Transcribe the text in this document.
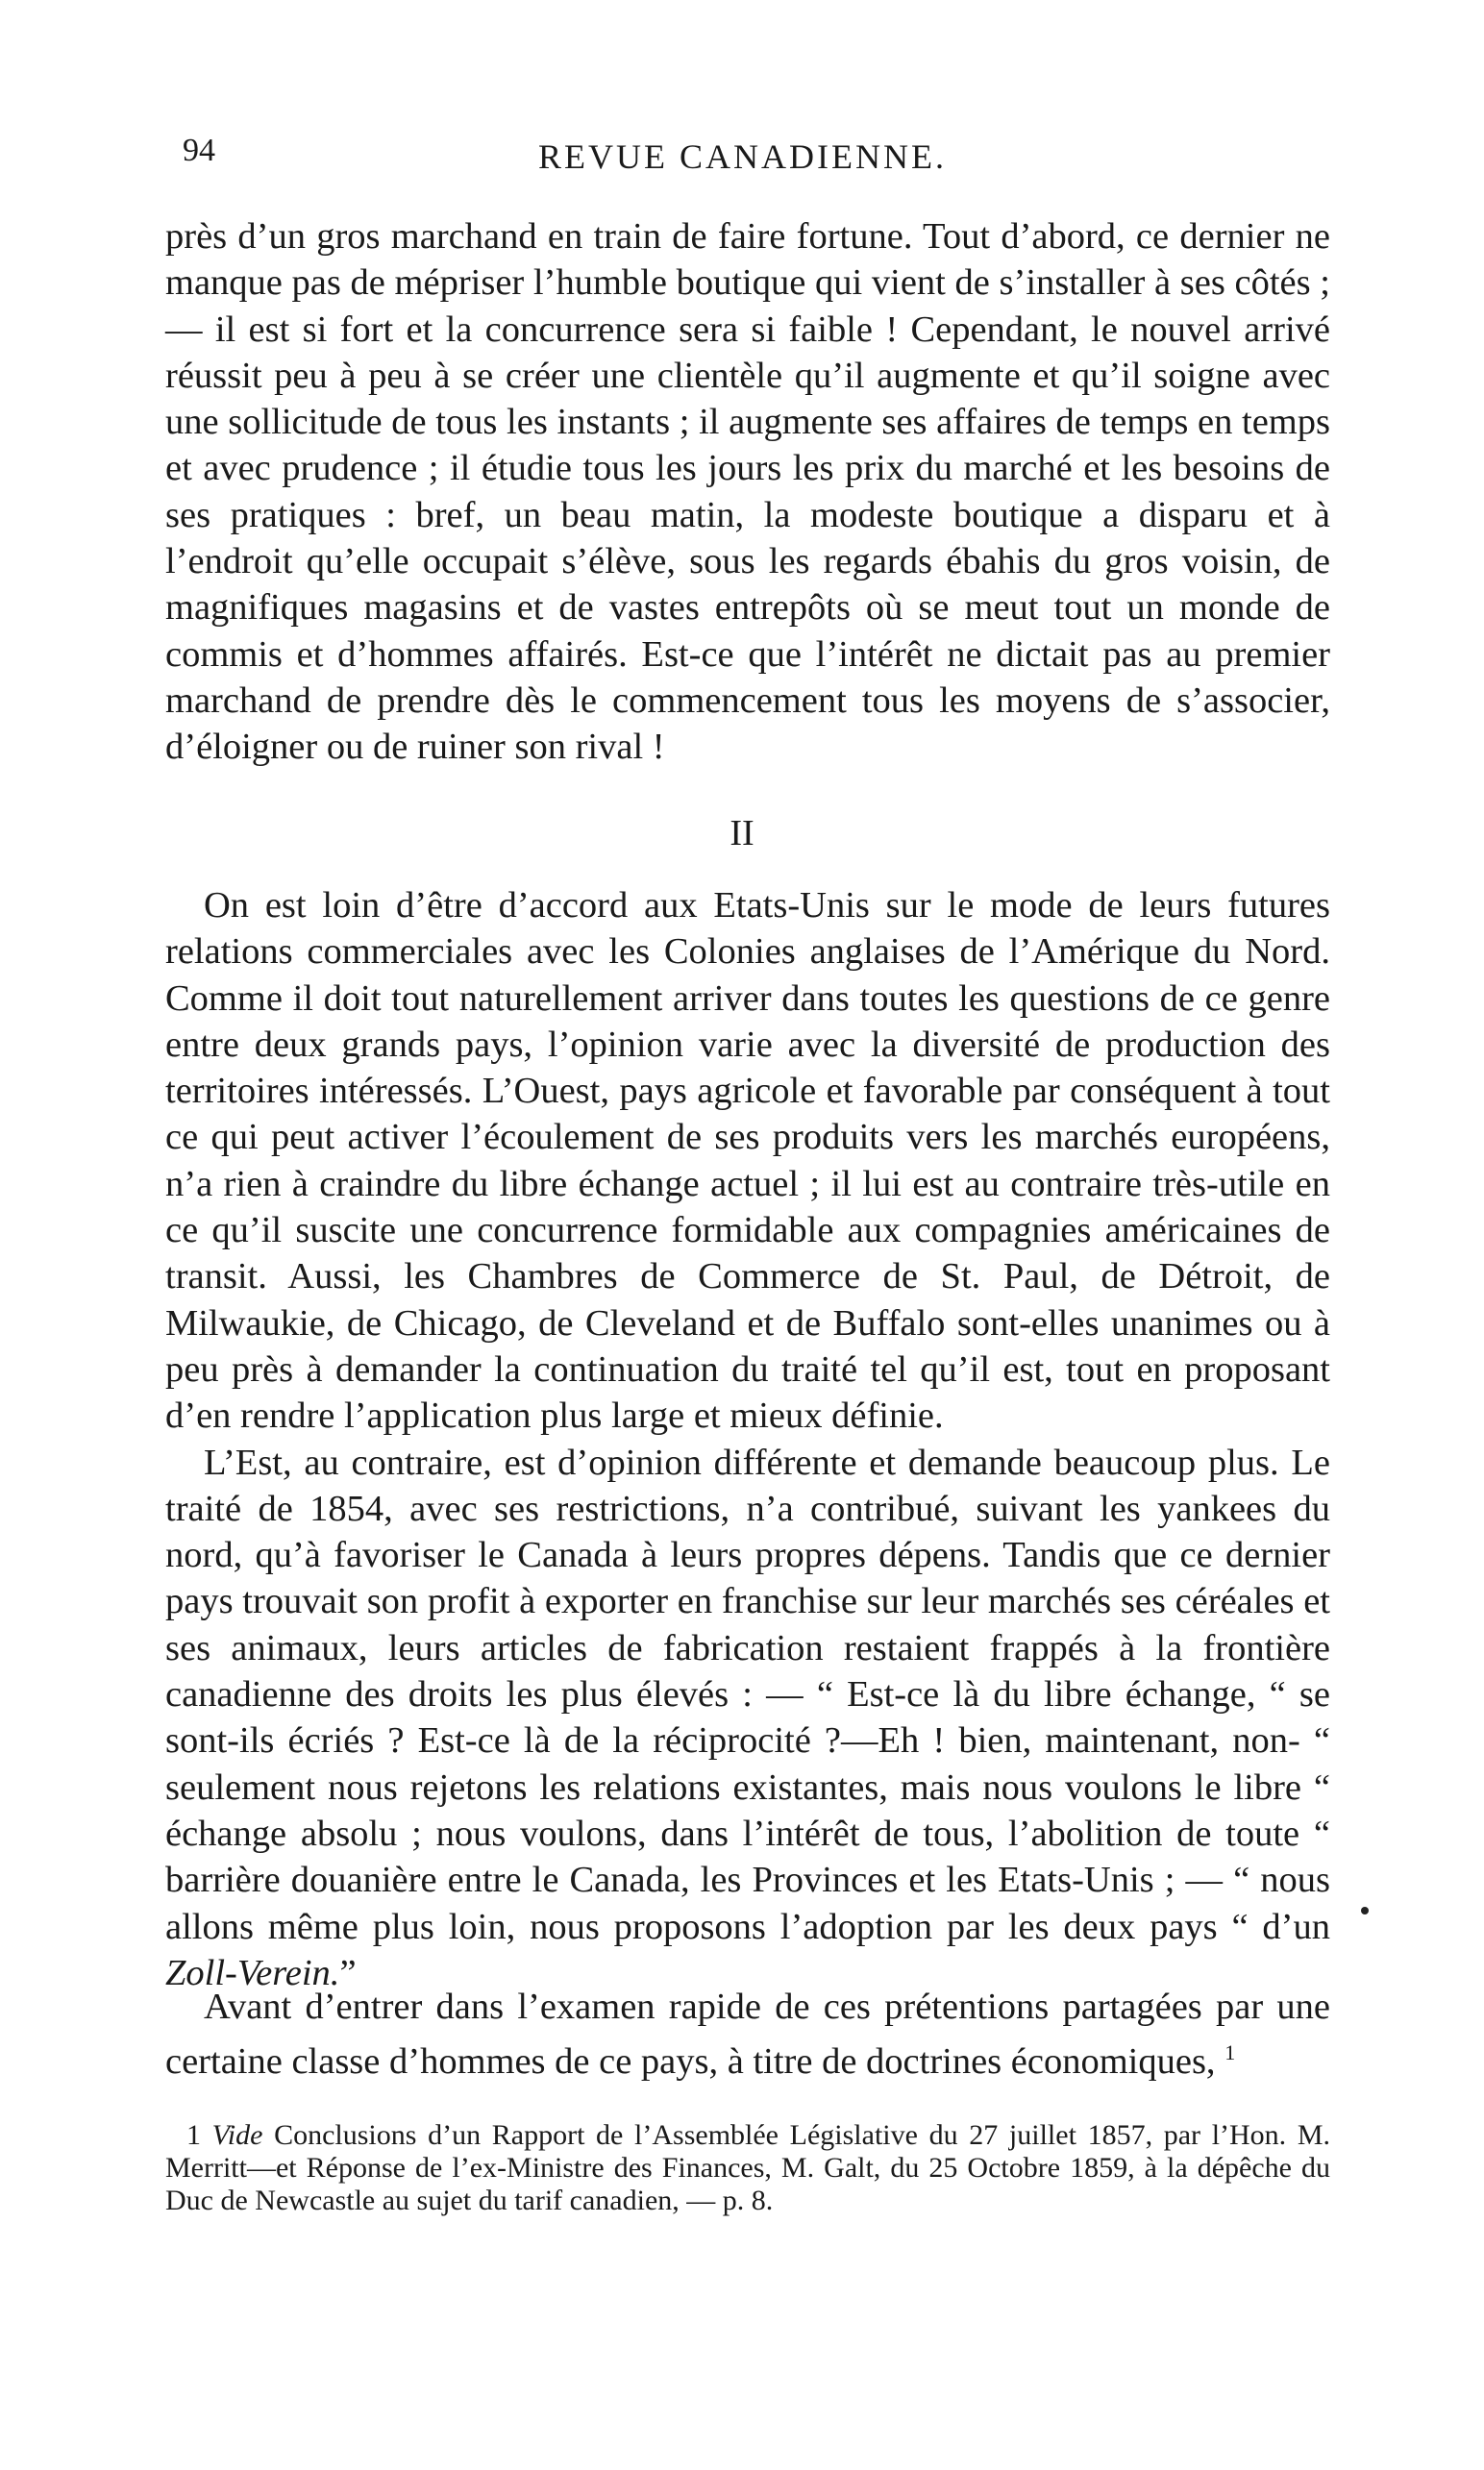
94	REVUE CANADIENNE.

près d’un gros marchand en train de faire fortune. Tout d’abord, ce dernier ne manque pas de mépriser l’humble boutique qui vient de s’installer à ses côtés ;— il est si fort et la concurrence sera si faible ! Cependant, le nouvel arrivé réussit peu à peu à se créer une clientèle qu’il augmente et qu’il soigne avec une sollicitude de tous les instants ; il augmente ses affaires de temps en temps et avec prudence ; il étudie tous les jours les prix du marché et les besoins de ses pratiques : bref, un beau matin, la modeste boutique a disparu et à l’endroit qu’elle occupait s’élève, sous les regards ébahis du gros voisin, de magnifiques magasins et de vastes entrepôts où se meut tout un monde de commis et d’hommes affairés. Est-ce que l’intérêt ne dictait pas au premier marchand de prendre dès le commencement tous les moyens de s’associer, d’éloigner ou de ruiner son rival !

II

On est loin d’être d’accord aux Etats-Unis sur le mode de leurs futures relations commerciales avec les Colonies anglaises de l’Amérique du Nord. Comme il doit tout naturellement arriver dans toutes les questions de ce genre entre deux grands pays, l’opinion varie avec la diversité de production des territoires intéressés. L’Ouest, pays agricole et favorable par conséquent à tout ce qui peut activer l’écoulement de ses produits vers les marchés européens, n’a rien à craindre du libre échange actuel ; il lui est au contraire très-utile en ce qu’il suscite une concurrence formidable aux compagnies américaines de transit. Aussi, les Chambres de Commerce de St. Paul, de Détroit, de Milwaukie, de Chicago, de Cleveland et de Buffalo sont-elles unanimes ou à peu près à demander la continuation du traité tel qu’il est, tout en proposant d’en rendre l’application plus large et mieux définie.

L’Est, au contraire, est d’opinion différente et demande beaucoup plus. Le traité de 1854, avec ses restrictions, n’a contribué, suivant les yankees du nord, qu’à favoriser le Canada à leurs propres dépens. Tandis que ce dernier pays trouvait son profit à exporter en franchise sur leur marchés ses céréales et ses animaux, leurs articles de fabrication restaient frappés à la frontière canadienne des droits les plus élevés : — “ Est-ce là du libre échange, “ se sont-ils écriés ? Est-ce là de la réciprocité ?—Eh ! bien, maintenant, non- “ seulement nous rejetons les relations existantes, mais nous voulons le libre “ échange absolu ; nous voulons, dans l’intérêt de tous, l’abolition de toute “ barrière douanière entre le Canada, les Provinces et les Etats-Unis ; — “ nous allons même plus loin, nous proposons l’adoption par les deux pays “ d’un Zoll-Verein.”

Avant d’entrer dans l’examen rapide de ces prétentions partagées par une certaine classe d’hommes de ce pays, à titre de doctrines économiques, $^1$

1 Vide Conclusions d’un Rapport de l’Assemblée Législative du 27 juillet 1857, par l’Hon. M. Merritt—et Réponse de l’ex-Ministre des Finances, M. Galt, du 25 Octobre 1859, à la dépêche du Duc de Newcastle au sujet du tarif canadien, — p. 8.
